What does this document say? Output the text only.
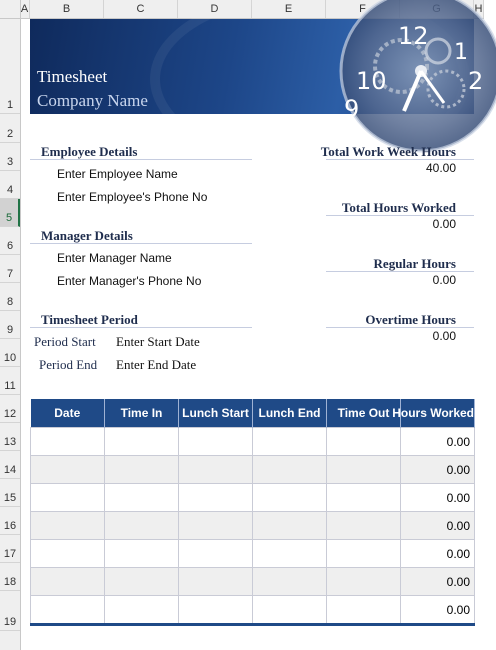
A	B	C	D	E	F	H
1
2
3
4
5
6
7
8
9
10
11
12
13
14
15
16
17
18
19
Timesheet
Company Name
12
1
2
10
9
Employee Details
Enter Employee Name
Enter Employee's Phone No
Manager Details
Enter Manager Name
Enter Manager's Phone No
Timesheet Period
Period Start Enter Start Date
Period End Enter End Date
Total Work Week Hours
40.00
Total Hours Worked
0.00
Regular Hours
0.00
Overtime Hours
0.00
Date	Time In	Lunch Start	Lunch End	Time Out	Hours Worked
					0.00
					0.00
					0.00
					0.00
					0.00
					0.00
					0.00
